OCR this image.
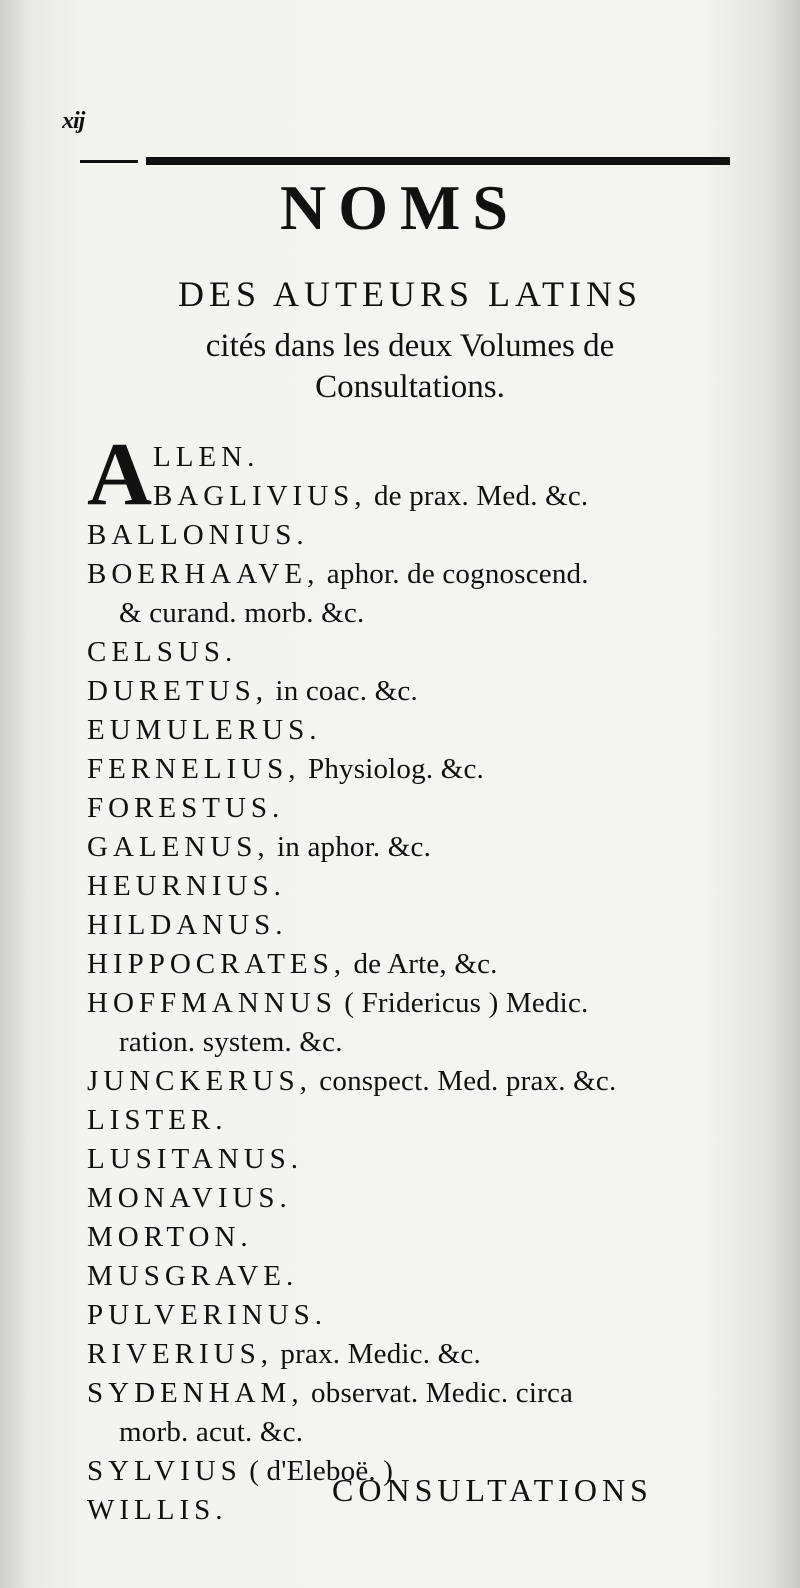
xij
NOMS
DES AUTEURS LATINS
cités dans les deux Volumes de
Consultations.
A LLEN.
BAGLIVIUS, de prax. Med. &c.
BALLONIUS.
BOERHAAVE, aphor. de cognoscend.
& curand. morb. &c.
CELSUS.
DURETUS, in coac. &c.
EUMULERUS.
FERNELIUS, Physiolog. &c.
FORESTUS.
GALENUS, in aphor. &c.
HEURNIUS.
HILDANUS.
HIPPOCRATES, de Arte, &c.
HOFFMANNUS ( Fridericus ) Medic.
ration. system. &c.
JUNCKERUS, conspect. Med. prax. &c.
LISTER.
LUSITANUS.
MONAVIUS.
MORTON.
MUSGRAVE.
PULVERINUS.
RIVERIUS, prax. Medic. &c.
SYDENHAM, observat. Medic. circa
morb. acut. &c.
SYLVIUS ( d'Eleboë. )
WILLIS.
CONSULTATIONS
